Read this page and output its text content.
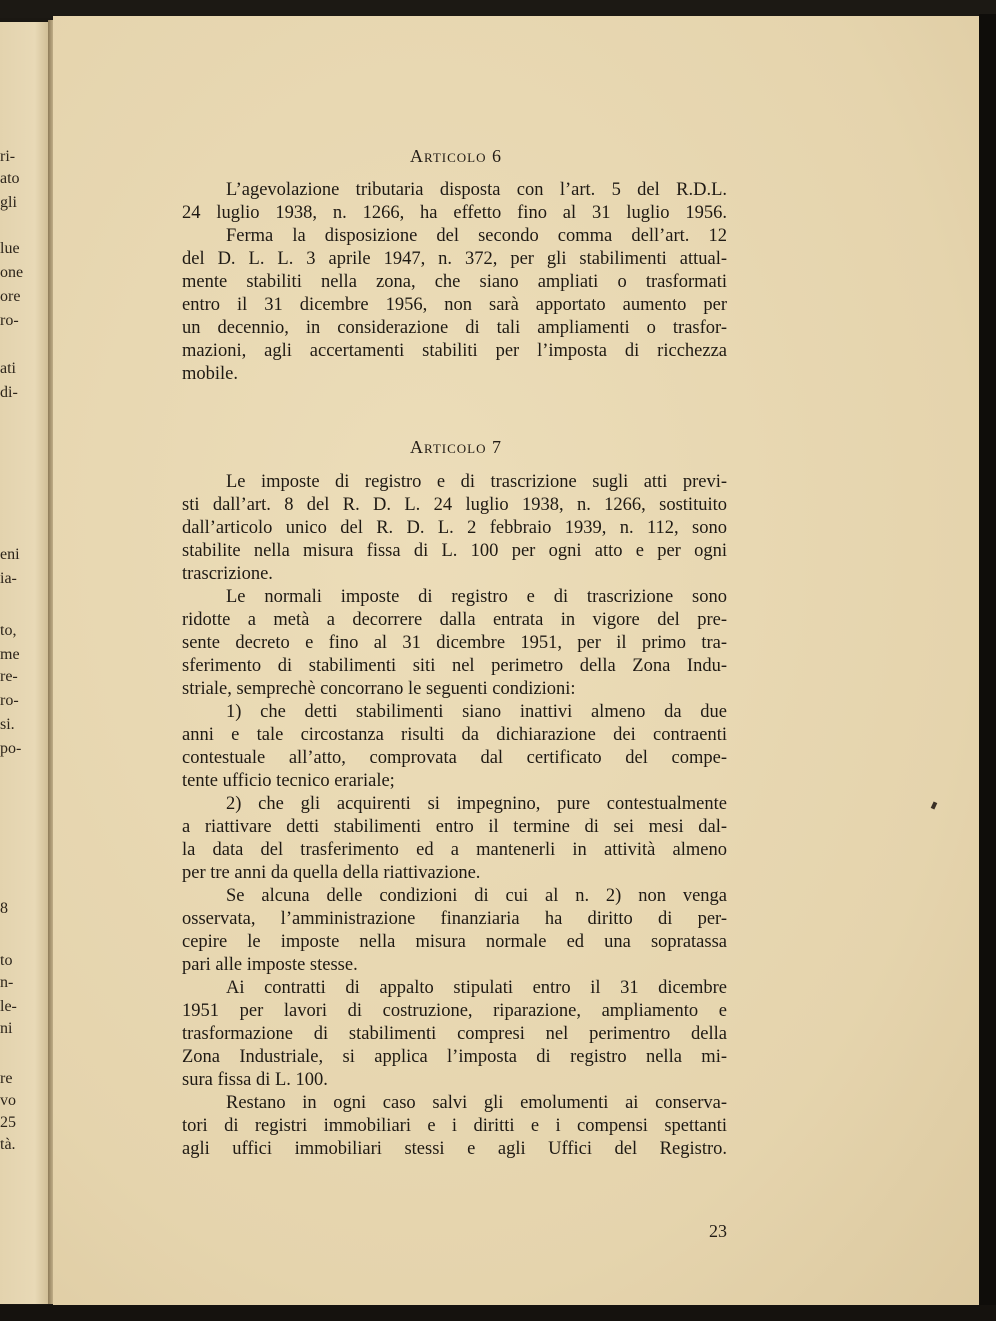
ri-
ato
gli
lue
one
ore
ro-
ati
di-
eni
ia-
to,
me
re-
ro-
si.
po-
8
to
n-
le-
ni
re
vo
25
tà.
Articolo 6
L’agevolazione tributaria disposta con l’art. 5 del R.D.L.
24 luglio 1938, n. 1266, ha effetto fino al 31 luglio 1956.
Ferma la disposizione del secondo comma dell’art. 12
del D. L. L. 3 aprile 1947, n. 372, per gli stabilimenti attual-
mente stabiliti nella zona, che siano ampliati o trasformati
entro il 31 dicembre 1956, non sarà apportato aumento per
un decennio, in considerazione di tali ampliamenti o trasfor-
mazioni, agli accertamenti stabiliti per l’imposta di ricchezza
mobile.
Articolo 7
Le imposte di registro e di trascrizione sugli atti previ-
sti dall’art. 8 del R. D. L. 24 luglio 1938, n. 1266, sostituito
dall’articolo unico del R. D. L. 2 febbraio 1939, n. 112, sono
stabilite nella misura fissa di L. 100 per ogni atto e per ogni
trascrizione.
Le normali imposte di registro e di trascrizione sono
ridotte a metà a decorrere dalla entrata in vigore del pre-
sente decreto e fino al 31 dicembre 1951, per il primo tra-
sferimento di stabilimenti siti nel perimetro della Zona Indu-
striale, semprechè concorrano le seguenti condizioni:
1) che detti stabilimenti siano inattivi almeno da due
anni e tale circostanza risulti da dichiarazione dei contraenti
contestuale all’atto, comprovata dal certificato del compe-
tente ufficio tecnico erariale;
2) che gli acquirenti si impegnino, pure contestualmente
a riattivare detti stabilimenti entro il termine di sei mesi dal-
la data del trasferimento ed a mantenerli in attività almeno
per tre anni da quella della riattivazione.
Se alcuna delle condizioni di cui al n. 2) non venga
osservata, l’amministrazione finanziaria ha diritto di per-
cepire le imposte nella misura normale ed una sopratassa
pari alle imposte stesse.
Ai contratti di appalto stipulati entro il 31 dicembre
1951 per lavori di costruzione, riparazione, ampliamento e
trasformazione di stabilimenti compresi nel perimentro della
Zona Industriale, si applica l’imposta di registro nella mi-
sura fissa di L. 100.
Restano in ogni caso salvi gli emolumenti ai conserva-
tori di registri immobiliari e i diritti e i compensi spettanti
agli uffici immobiliari stessi e agli Uffici del Registro.
23
